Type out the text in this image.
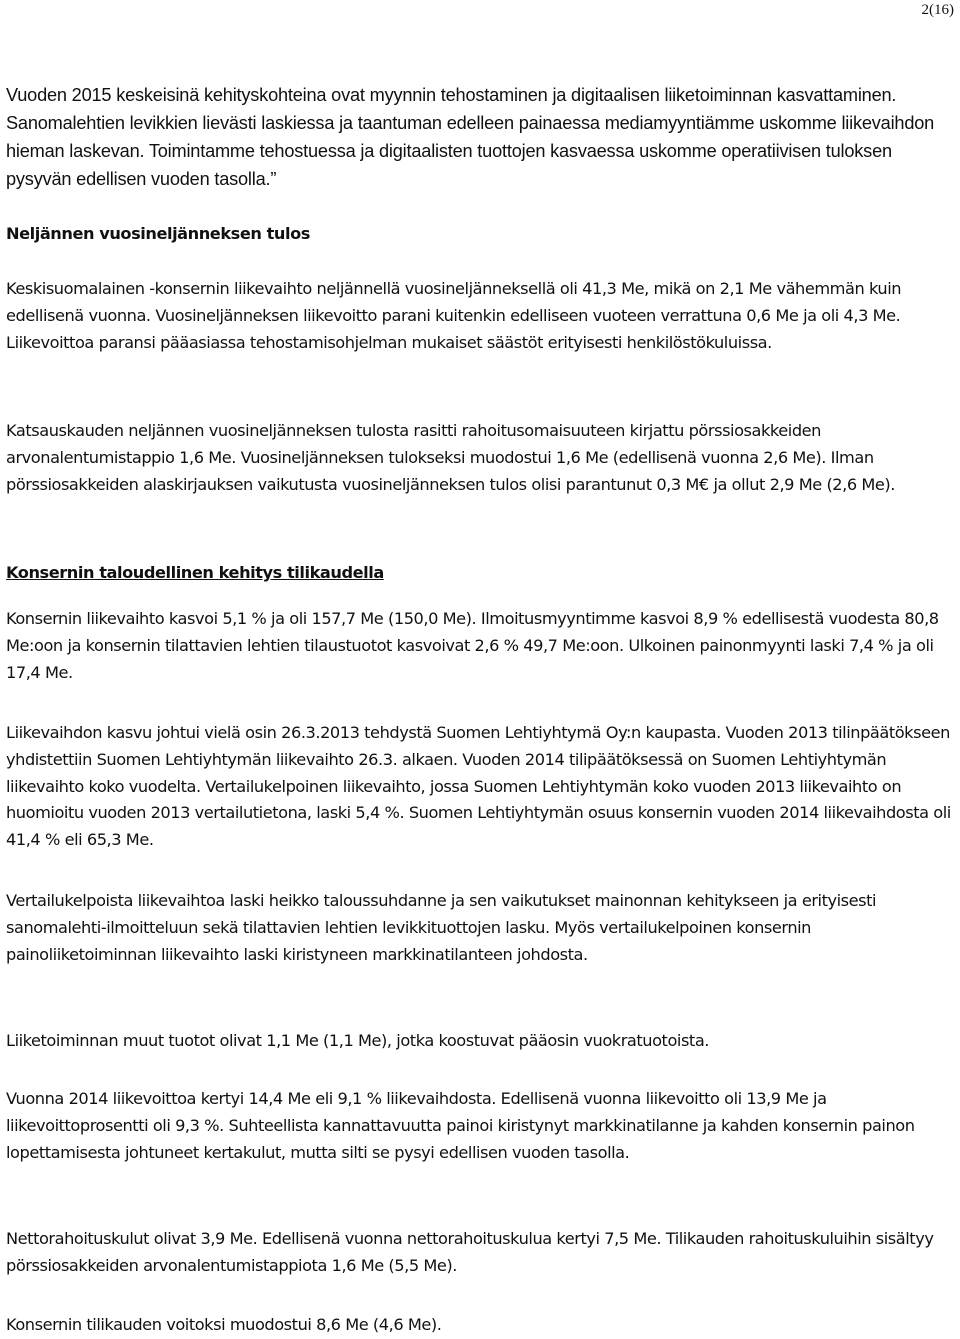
2(16)

Vuoden 2015 keskeisinä kehityskohteina ovat myynnin tehostaminen ja digitaalisen liiketoiminnan kasvattaminen. Sanomalehtien levikkien lievästi laskiessa ja taantuman edelleen painaessa mediamyyntiämme uskomme liikevaihdon hieman laskevan. Toimintamme tehostuessa ja digitaalisten tuottojen kasvaessa uskomme operatiivisen tuloksen pysyvän edellisen vuoden tasolla.”

Neljännen vuosineljänneksen tulos

Keskisuomalainen -konsernin liikevaihto neljännellä vuosineljänneksellä oli 41,3 Me, mikä on 2,1 Me vähemmän kuin edellisenä vuonna. Vuosineljänneksen liikevoitto parani kuitenkin edelliseen vuoteen verrattuna 0,6 Me ja oli 4,3 Me. Liikevoittoa paransi pääasiassa tehostamisohjelman mukaiset säästöt erityisesti henkilöstökuluissa.

Katsauskauden neljännen vuosineljänneksen tulosta rasitti rahoitusomaisuuteen kirjattu pörssiosakkeiden arvonalentumistappio 1,6 Me. Vuosineljänneksen tulokseksi muodostui 1,6 Me (edellisenä vuonna 2,6 Me). Ilman pörssiosakkeiden alaskirjauksen vaikutusta vuosineljänneksen tulos olisi parantunut 0,3 M€ ja ollut 2,9 Me (2,6 Me).

Konsernin taloudellinen kehitys tilikaudella

Konsernin liikevaihto kasvoi 5,1 % ja oli 157,7 Me (150,0 Me). Ilmoitusmyyntimme kasvoi 8,9 % edellisestä vuodesta 80,8 Me:oon ja konsernin tilattavien lehtien tilaustuotot kasvoivat 2,6 % 49,7 Me:oon. Ulkoinen painonmyynti laski 7,4 % ja oli 17,4 Me.

Liikevaihdon kasvu johtui vielä osin 26.3.2013 tehdystä Suomen Lehtiyhtymä Oy:n kaupasta. Vuoden 2013 tilinpäätökseen yhdistettiin Suomen Lehtiyhtymän liikevaihto 26.3. alkaen. Vuoden 2014 tilipäätöksessä on Suomen Lehtiyhtymän liikevaihto koko vuodelta. Vertailukelpoinen liikevaihto, jossa Suomen Lehtiyhtymän koko vuoden 2013 liikevaihto on huomioitu vuoden 2013 vertailutietona, laski 5,4 %. Suomen Lehtiyhtymän osuus konsernin vuoden 2014 liikevaihdosta oli 41,4 % eli 65,3 Me.

Vertailukelpoista liikevaihtoa laski heikko taloussuhdanne ja sen vaikutukset mainonnan kehitykseen ja erityisesti sanomalehti-ilmoitteluun sekä tilattavien lehtien levikkituottojen lasku. Myös vertailukelpoinen konsernin painoliiketoiminnan liikevaihto laski kiristyneen markkinatilanteen johdosta.

Liiketoiminnan muut tuotot olivat 1,1 Me (1,1 Me), jotka koostuvat pääosin vuokratuotoista.

Vuonna 2014 liikevoittoa kertyi 14,4 Me eli 9,1 % liikevaihdosta. Edellisenä vuonna liikevoitto oli 13,9 Me ja liikevoittoprosentti oli 9,3 %. Suhteellista kannattavuutta painoi kiristynyt markkinatilanne ja kahden konsernin painon lopettamisesta johtuneet kertakulut, mutta silti se pysyi edellisen vuoden tasolla.

Nettorahoituskulut olivat 3,9 Me. Edellisenä vuonna nettorahoituskulua kertyi 7,5 Me. Tilikauden rahoituskuluihin sisältyy pörssiosakkeiden arvonalentumistappiota 1,6 Me (5,5 Me).

Konsernin tilikauden voitoksi muodostui 8,6 Me (4,6 Me).
